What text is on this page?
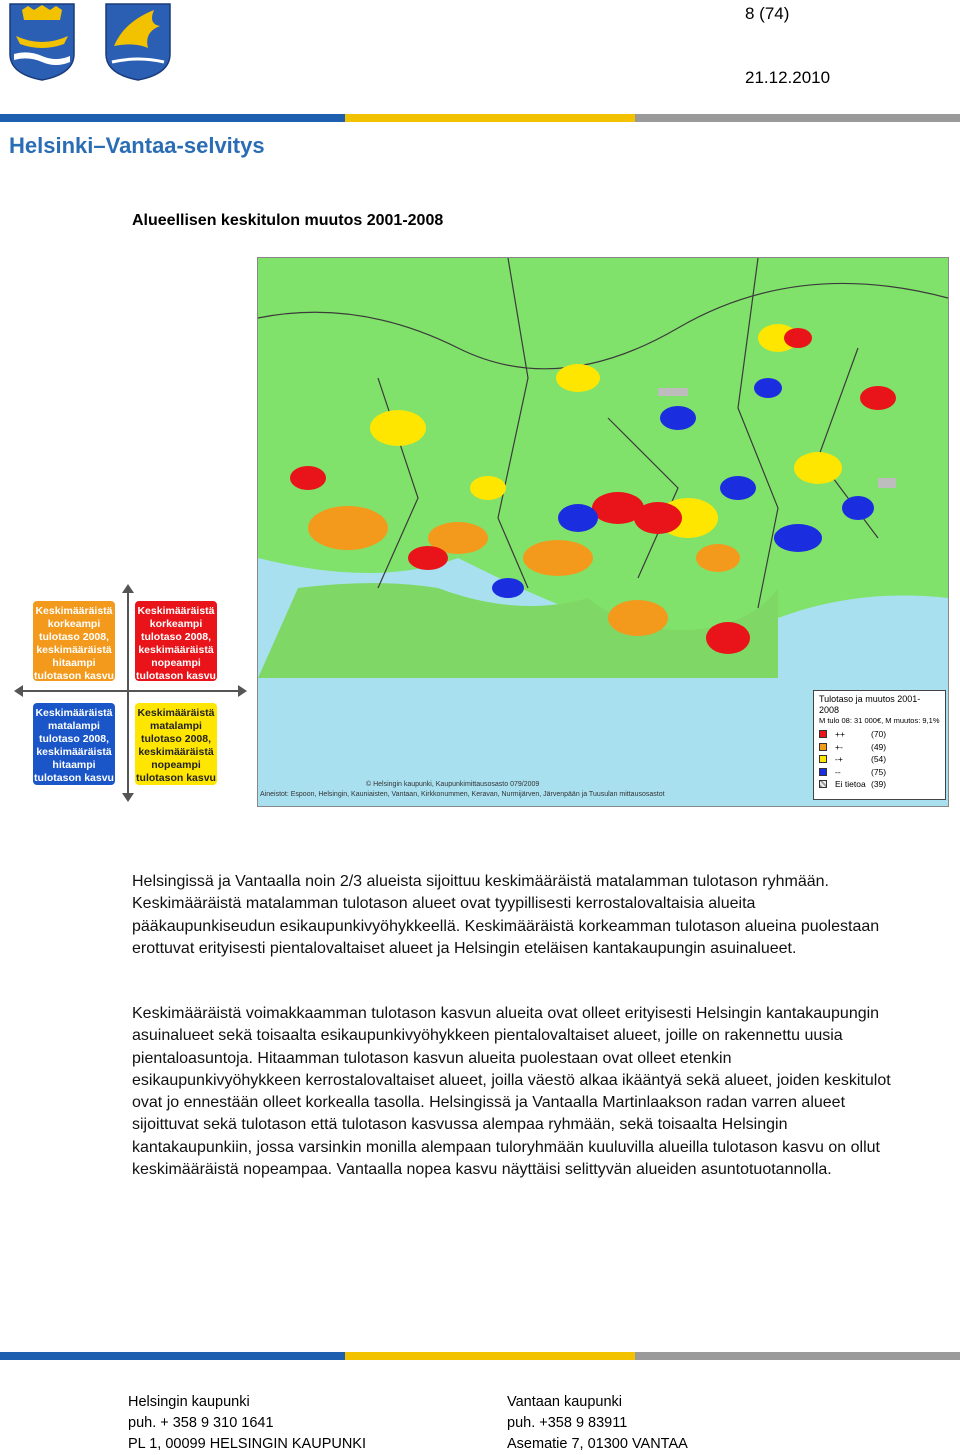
8 (74)
21.12.2010
Helsinki–Vantaa-selvitys
Alueellisen keskitulon muutos 2001-2008
Keskimääräistä korkeampi tulotaso 2008, keskimääräistä hitaampi tulotason kasvu
Keskimääräistä korkeampi tulotaso 2008, keskimääräistä nopeampi tulotason kasvu
Keskimääräistä matalampi tulotaso 2008, keskimääräistä hitaampi tulotason kasvu
Keskimääräistä matalampi tulotaso 2008, keskimääräistä nopeampi tulotason kasvu
© Helsingin kaupunki, Kaupunkimittausosasto 079/2009
Aineistot: Espoon, Helsingin, Kauniaisten, Vantaan, Kirkkonummen, Keravan, Nurmijärven, Järvenpään ja Tuusulan mittausosastot
Tulotaso ja muutos 2001-2008
M tulo 08: 31 000€, M muutos: 9,1%
++	(70)
+-	(49)
-+	(54)
--	(75)
Ei tietoa (39)
Helsingissä ja Vantaalla noin 2/3 alueista sijoittuu keskimääräistä matalamman tulotason ryhmään. Keskimääräistä matalamman tulotason alueet ovat tyypillisesti kerrostalovaltaisia alueita pääkaupunkiseudun esikaupunkivyöhykkeellä. Keskimääräistä korkeamman tulotason alueina puolestaan erottuvat erityisesti pientalovaltaiset alueet ja Helsingin eteläisen kantakaupungin asuinalueet.
Keskimääräistä voimakkaamman tulotason kasvun alueita ovat olleet erityisesti Helsingin kantakaupungin asuinalueet sekä toisaalta esikaupunkivyöhykkeen pientalovaltaiset alueet, joille on rakennettu uusia pientaloasuntoja. Hitaamman tulotason kasvun alueita puolestaan ovat olleet etenkin esikaupunkivyöhykkeen kerrostalovaltaiset alueet, joilla väestö alkaa ikääntyä sekä alueet, joiden keskitulot ovat jo ennestään olleet korkealla tasolla. Helsingissä ja Vantaalla Martinlaakson radan varren alueet sijoittuvat sekä tulotason että tulotason kasvussa alempaa ryhmään, sekä toisaalta Helsingin kantakaupunkiin, jossa varsinkin monilla alempaan tuloryhmään kuuluvilla alueilla tulotason kasvu on ollut keskimääräistä nopeampaa. Vantaalla nopea kasvu näyttäisi selittyvän alueiden asuntotuotannolla.
Helsingin kaupunki
puh. + 358 9 310 1641
PL 1, 00099 HELSINGIN KAUPUNKI
Vantaan kaupunki
puh. +358 9 83911
Asematie 7, 01300 VANTAA
